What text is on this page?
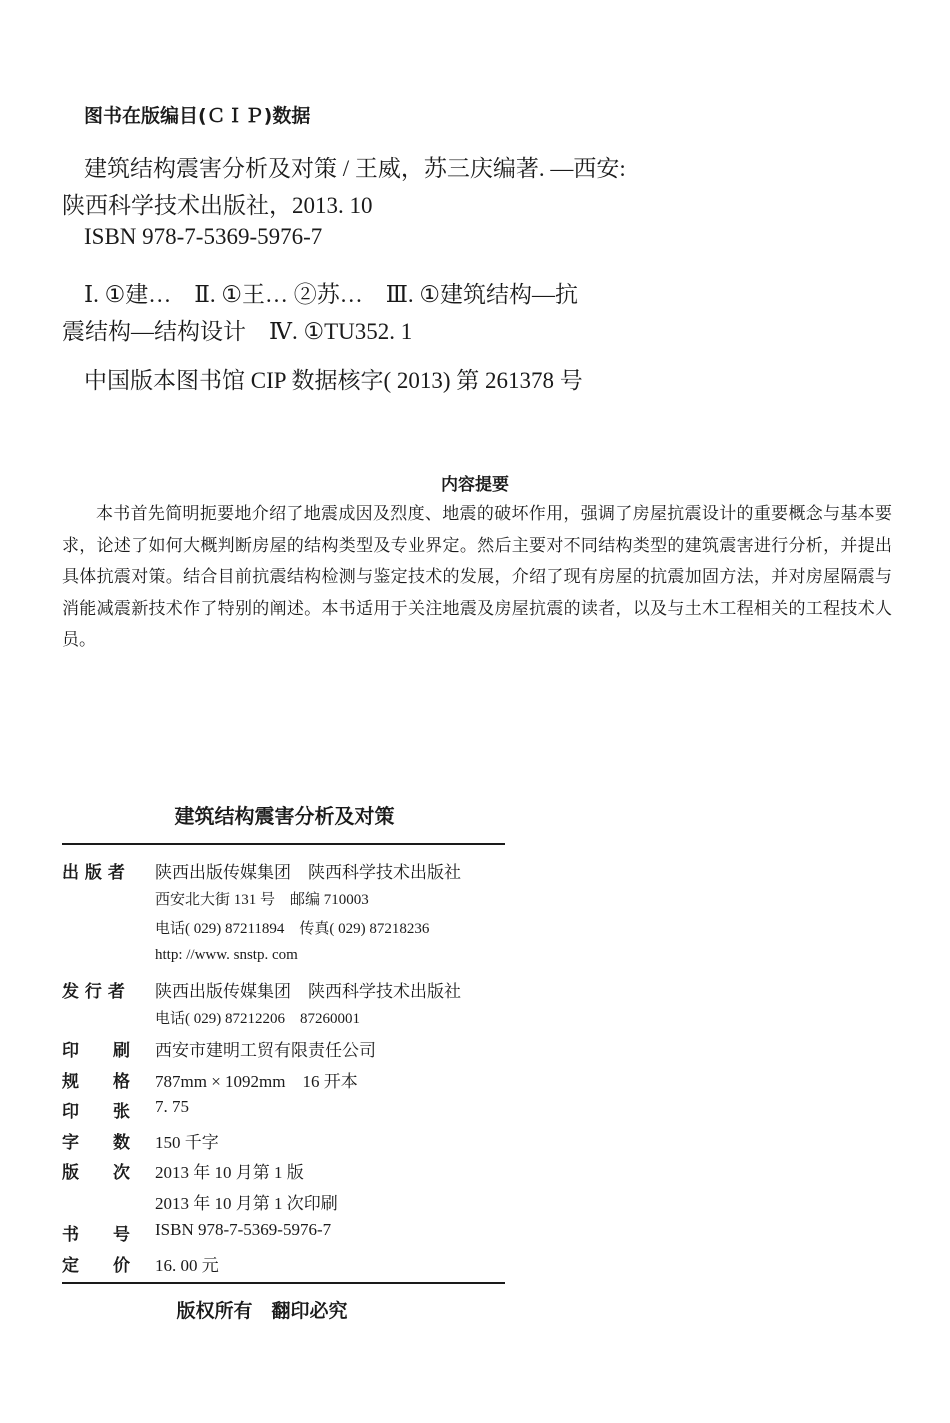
图书在版编目(ＣＩＰ)数据
建筑结构震害分析及对策 / 王威，苏三庆编著. —西安:
陕西科学技术出版社，2013. 10
ISBN 978-7-5369-5976-7
Ⅰ. ①建…　Ⅱ. ①王… ②苏…　Ⅲ. ①建筑结构—抗
震结构—结构设计　Ⅳ. ①TU352. 1
中国版本图书馆 CIP 数据核字( 2013) 第 261378 号
内容提要
本书首先简明扼要地介绍了地震成因及烈度、地震的破坏作用，强调了房屋抗震设计的重要概念与基本要求，论述了如何大概判断房屋的结构类型及专业界定。然后主要对不同结构类型的建筑震害进行分析，并提出具体抗震对策。结合目前抗震结构检测与鉴定技术的发展，介绍了现有房屋的抗震加固方法，并对房屋隔震与消能减震新技术作了特别的阐述。本书适用于关注地震及房屋抗震的读者，以及与土木工程相关的工程技术人员。
建筑结构震害分析及对策
出 版 者	陕西出版传媒集团　陕西科学技术出版社
西安北大街 131 号　邮编 710003
电话( 029) 87211894　传真( 029) 87218236
http: //www. snstp. com
发 行 者	陕西出版传媒集团　陕西科学技术出版社
电话( 029) 87212206　87260001
印　　刷	西安市建明工贸有限责任公司
规　　格	787mm × 1092mm　16 开本
印　　张	7. 75
字　　数	150 千字
版　　次	2013 年 10 月第 1 版
2013 年 10 月第 1 次印刷
书　　号	ISBN 978-7-5369-5976-7
定　　价	16. 00 元
版权所有　翻印必究
